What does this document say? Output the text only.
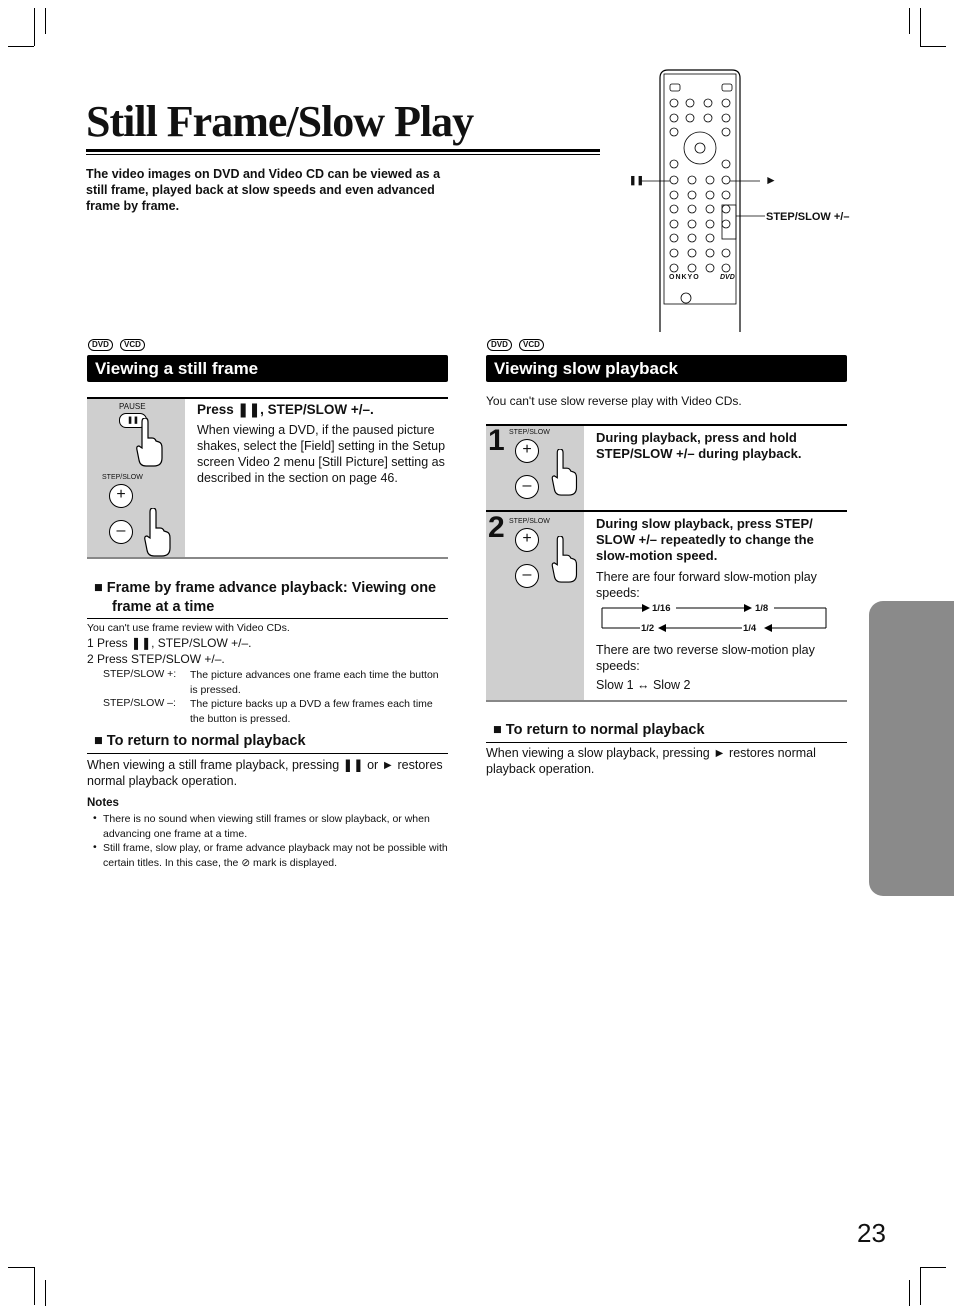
Still Frame/Slow Play

The video images on DVD and Video CD can be viewed as a still frame, played back at slow speeds and even advanced frame by frame.

❚❚	►
STEP/SLOW +/–
ONKYO	DVD
DVD	VCD
Viewing a still frame
PAUSE
❚❚
STEP/SLOW
+
–
Press ❚❚, STEP/SLOW +/–.

When viewing a DVD, if the paused picture shakes, select the [Field] setting in the Setup screen Video 2 menu [Still Picture] setting as described in the section on page 46.

■ Frame by frame advance playback: Viewing one frame at a time

You can't use frame review with Video CDs.
1 Press ❚❚, STEP/SLOW +/–.
2 Press STEP/SLOW +/–.
STEP/SLOW +: The picture advances one frame each time the button is pressed.

STEP/SLOW –: The picture backs up a DVD a few frames each time the button is pressed.

■ To return to normal playback

When viewing a still frame playback, pressing ❚❚ or ► restores normal playback operation.

Notes
• There is no sound when viewing still frames or slow playback, or when advancing one frame at a time.

• Still frame, slow play, or frame advance playback may not be possible with certain titles. In this case, the ⊘ mark is displayed.

DVD	VCD
Viewing slow playback
You can't use slow reverse play with Video CDs.
1 STEP/SLOW
+
–

During playback, press and hold STEP/SLOW +/– during playback.

2 STEP/SLOW
+
–

During slow playback, press STEP/ SLOW +/– repeatedly to change the slow-motion speed.

There are four forward slow-motion play speeds:

1/16	1/8
1/2	1/4

There are two reverse slow-motion play speeds:

Slow 1 ↔ Slow 2
■ To return to normal playback

When viewing a slow playback, pressing ► restores normal playback operation.

23
